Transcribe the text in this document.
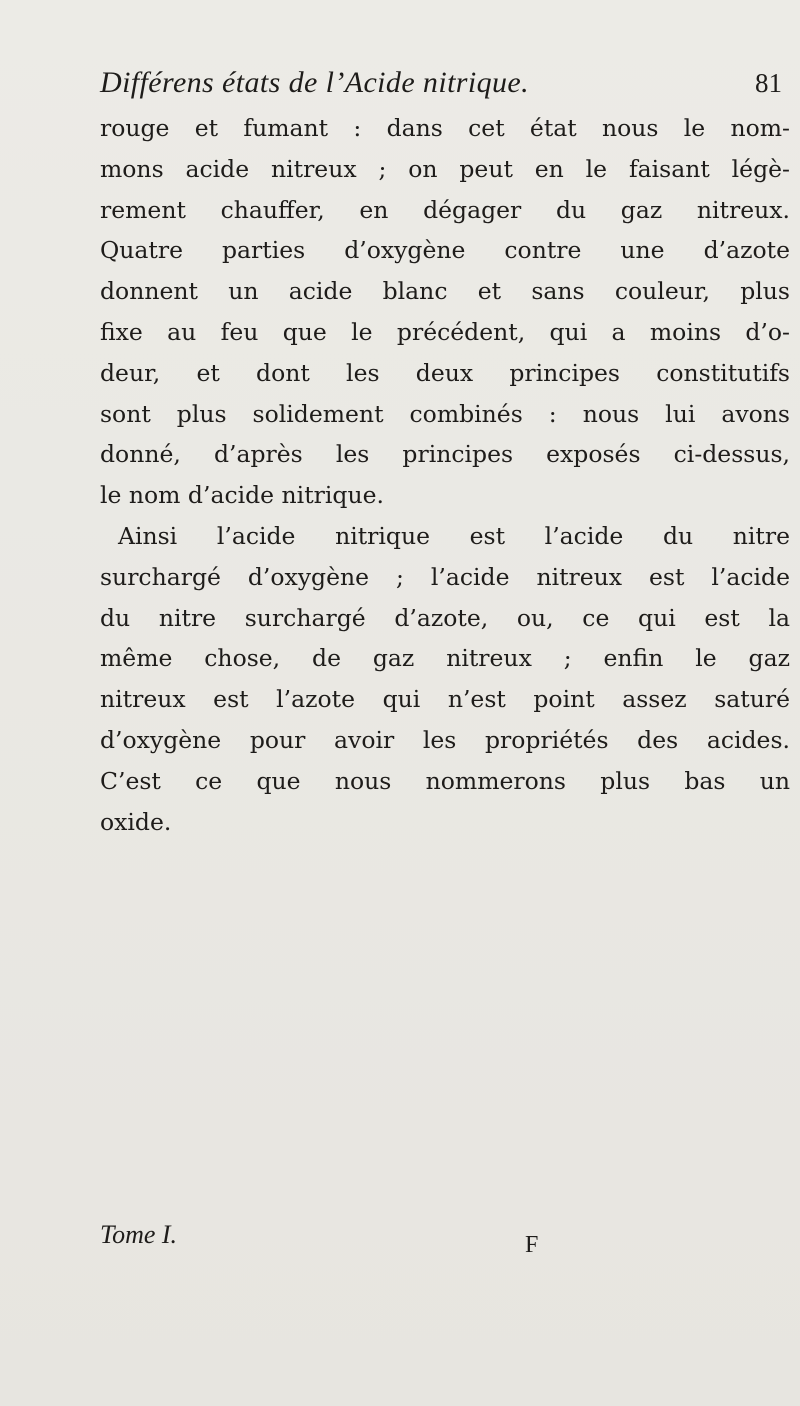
Différens états de l’Acide nitrique.	81
rouge et fumant : dans cet état nous le nom-
mons acide nitreux ; on peut en le faisant légè-
rement chauffer, en dégager du gaz nitreux.
Quatre parties d’oxygène contre une d’azote
donnent un acide blanc et sans couleur, plus
fixe au feu que le précédent, qui a moins d’o-
deur, et dont les deux principes constitutifs
sont plus solidement combinés : nous lui avons
donné, d’après les principes exposés ci-dessus,
le nom d’acide nitrique.
Ainsi l’acide nitrique est l’acide du nitre
surchargé d’oxygène ; l’acide nitreux est l’acide
du nitre surchargé d’azote, ou, ce qui est la
même chose, de gaz nitreux ; enfin le gaz
nitreux est l’azote qui n’est point assez saturé
d’oxygène pour avoir les propriétés des acides.
C’est ce que nous nommerons plus bas un
oxide.
Tome I.	F
